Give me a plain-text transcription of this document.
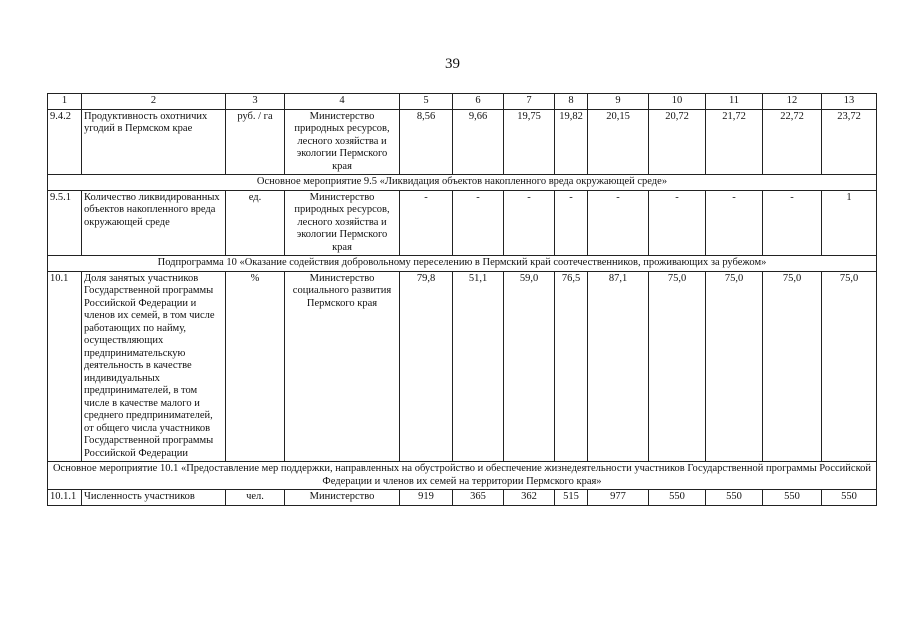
39
1	2	3	4	5	6	7	8	9	10	11	12	13
9.4.2	Продуктивность охотничих угодий в Пермском крае	руб. / га	Министерство природных ресурсов, лесного хозяйства и экологии Пермского края	8,56	9,66	19,75	19,82	20,15	20,72	21,72	22,72	23,72
Основное мероприятие 9.5 «Ликвидация объектов накопленного вреда окружающей среде»												
9.5.1	Количество ликвидированных объектов накопленного вреда окружающей среде	ед.	Министерство природных ресурсов, лесного хозяйства и экологии Пермского края	-	-	-	-	-	-	-	-	1
Подпрограмма 10 «Оказание содействия добровольному переселению в Пермский край соотечественников, проживающих за рубежом»												
10.1	Доля занятых участников Государственной программы Российской Федерации и членов их семей, в том числе работающих по найму, осуществляющих предпринимательскую деятельность в качестве индивидуальных предпринимателей, в том числе в качестве малого и среднего предпринимателей, от общего числа участников Государственной программы Российской Федерации	%	Министерство социального развития Пермского края	79,8	51,1	59,0	76,5	87,1	75,0	75,0	75,0	75,0
Основное мероприятие 10.1 «Предоставление мер поддержки, направленных на обустройство и обеспечение жизнедеятельности участников Государственной программы Российской Федерации и членов их семей на территории Пермского края»												
10.1.1	Численность участников	чел.	Министерство	919	365	362	515	977	550	550	550	550
